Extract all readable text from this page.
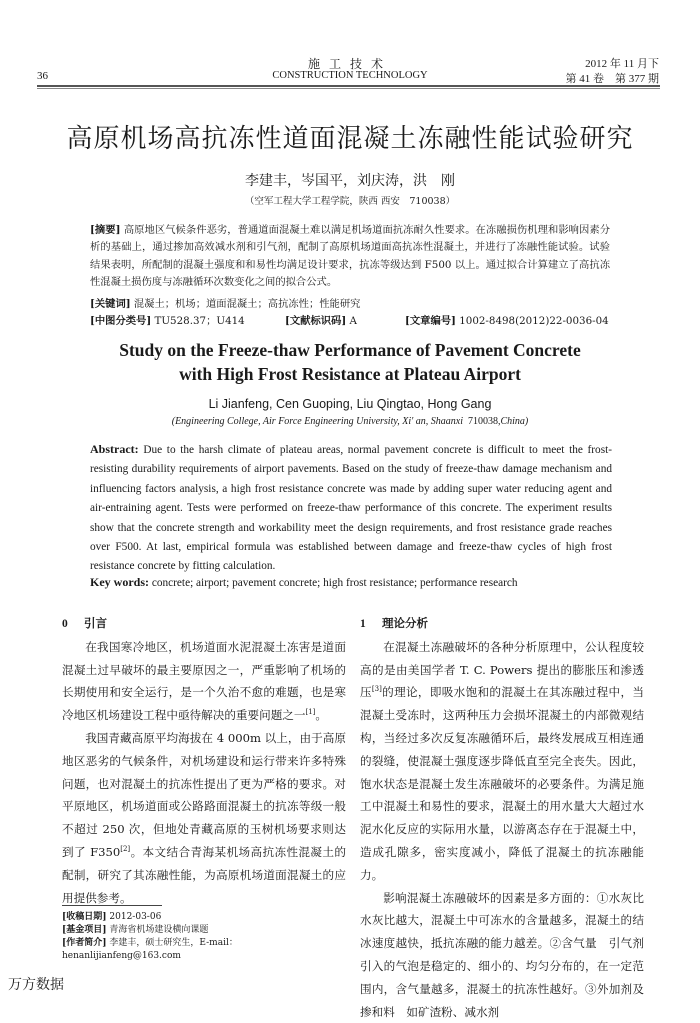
施工技术
CONSTRUCTION TECHNOLOGY
36
2012 年 11 月下
第 41 卷　第 377 期
高原机场高抗冻性道面混凝土冻融性能试验研究
李建丰，岑国平，刘庆涛，洪　刚
（空军工程大学工程学院，陕西 西安　710038）
[摘要] 高原地区气候条件恶劣，普通道面混凝土难以满足机场道面抗冻耐久性要求。在冻融损伤机理和影响因素分析的基础上，通过掺加高效减水剂和引气剂，配制了高原机场道面高抗冻性混凝土，并进行了冻融性能试验。试验结果表明，所配制的混凝土强度和和易性均满足设计要求，抗冻等级达到 F500 以上。通过拟合计算建立了高抗冻性混凝土损伤度与冻融循环次数变化之间的拟合公式。
[关键词] 混凝土；机场；道面混凝土；高抗冻性；性能研究
[中图分类号] TU528.37；U414	[文献标识码] A	[文章编号] 1002-8498(2012)22-0036-04
Study on the Freeze-thaw Performance of Pavement Concrete
with High Frost Resistance at Plateau Airport
Li Jianfeng, Cen Guoping, Liu Qingtao, Hong Gang
(Engineering College, Air Force Engineering University, Xi' an, Shaanxi 710038,China)
Abstract: Due to the harsh climate of plateau areas, normal pavement concrete is difficult to meet the frost-resisting durability requirements of airport pavements. Based on the study of freeze-thaw damage mechanism and influencing factors analysis, a high frost resistance concrete was made by adding super water reducing agent and air-entraining agent. Tests were performed on freeze-thaw performance of this concrete. The experiment results show that the concrete strength and workability meet the design requirements, and frost resistance grade reaches over F500. At last, empirical formula was established between damage and freeze-thaw cycles of high frost resistance concrete by fitting calculation.
Key words: concrete; airport; pavement concrete; high frost resistance; performance research
0 引言

在我国寒冷地区，机场道面水泥混凝土冻害是道面混凝土过早破坏的最主要原因之一，严重影响了机场的长期使用和安全运行，是一个久治不愈的难题，也是寒冷地区机场建设工程中亟待解决的重要问题之一[1]。

我国青藏高原平均海拔在 4 000m 以上，由于高原地区恶劣的气候条件，对机场建设和运行带来许多特殊问题，也对混凝土的抗冻性提出了更为严格的要求。对平原地区，机场道面或公路路面混凝土的抗冻等级一般不超过 250 次，但地处青藏高原的玉树机场要求则达到了 F350[2]。本文结合青海某机场高抗冻性混凝土的配制，研究了其冻融性能，为高原机场道面混凝土的应用提供参考。

1 理论分析

在混凝土冻融破坏的各种分析原理中，公认程度较高的是由美国学者 T. C. Powers 提出的膨胀压和渗透压[3]的理论，即吸水饱和的混凝土在其冻融过程中，当混凝土受冻时，这两种压力会损坏混凝土的内部微观结构，当经过多次反复冻融循环后，最终发展成互相连通的裂缝，使混凝土强度逐步降低直至完全丧失。因此，饱水状态是混凝土发生冻融破坏的必要条件。为满足施工中混凝土和易性的要求，混凝土的用水量大大超过水泥水化反应的实际用水量，以游离态存在于混凝土中，造成孔隙多，密实度减小，降低了混凝土的抗冻融能力。

影响混凝土冻融破坏的因素是多方面的：①水灰比　水灰比越大，混凝土中可冻水的含量越多，混凝土的结冰速度越快，抵抗冻融的能力越差。②含气量　引气剂引入的气泡是稳定的、细小的、均匀分布的，在一定范围内，含气量越多，混凝土的抗冻性越好。③外加剂及掺和料　如矿渣粉、减水剂

[收稿日期] 2012-03-06
[基金项目] 青海省机场建设横向课题
[作者简介] 李建丰，硕士研究生，E-mail：henanlijianfeng@163.com
万方数据
